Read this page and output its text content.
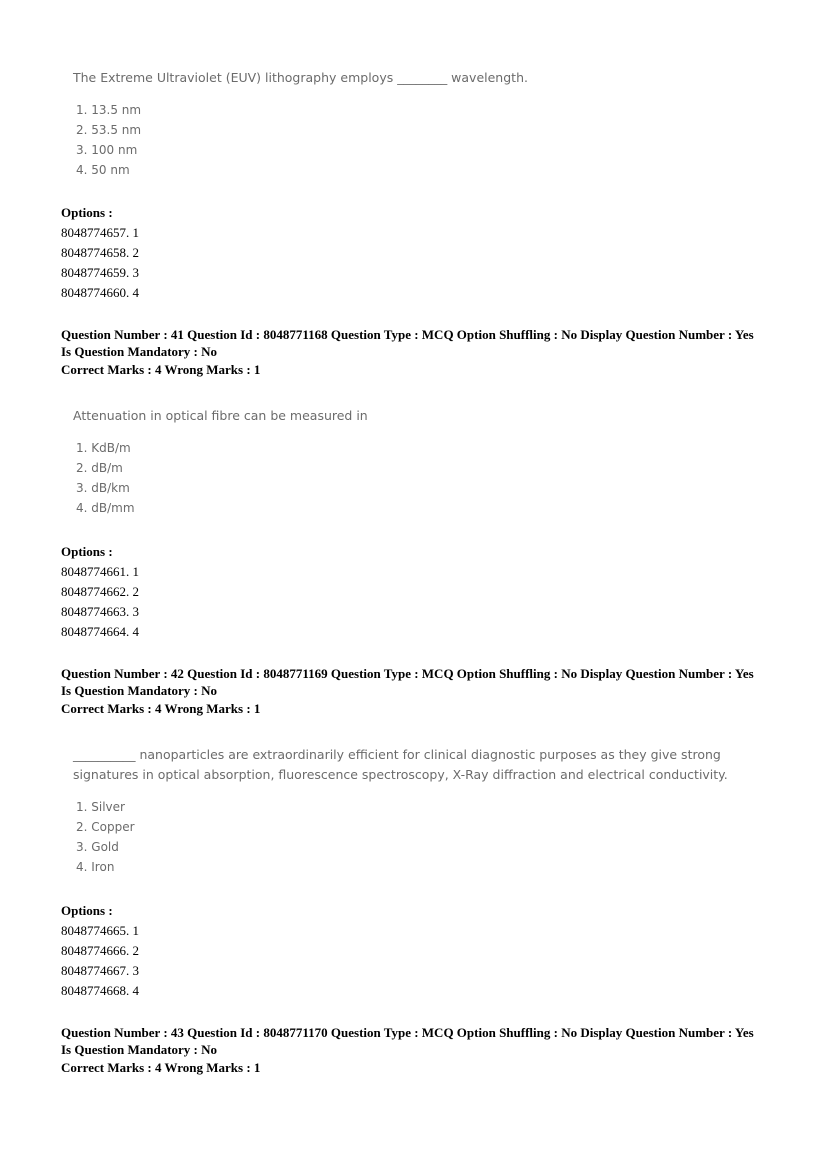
The Extreme Ultraviolet (EUV) lithography employs ________ wavelength.

1. 13.5 nm
2. 53.5 nm
3. 100 nm
4. 50 nm
Options :
8048774657. 1
8048774658. 2
8048774659. 3
8048774660. 4
Question Number : 41 Question Id : 8048771168 Question Type : MCQ Option Shuffling : No Display Question Number : Yes
Is Question Mandatory : No
Correct Marks : 4 Wrong Marks : 1

Attenuation in optical fibre can be measured in

1. KdB/m
2. dB/m
3. dB/km
4. dB/mm
Options :
8048774661. 1
8048774662. 2
8048774663. 3
8048774664. 4
Question Number : 42 Question Id : 8048771169 Question Type : MCQ Option Shuffling : No Display Question Number : Yes
Is Question Mandatory : No
Correct Marks : 4 Wrong Marks : 1

__________ nanoparticles are extraordinarily efficient for clinical diagnostic purposes as they give strong signatures in optical absorption, fluorescence spectroscopy, X-Ray diffraction and electrical conductivity.

1. Silver
2. Copper
3. Gold
4. Iron
Options :
8048774665. 1
8048774666. 2
8048774667. 3
8048774668. 4
Question Number : 43 Question Id : 8048771170 Question Type : MCQ Option Shuffling : No Display Question Number : Yes
Is Question Mandatory : No
Correct Marks : 4 Wrong Marks : 1
